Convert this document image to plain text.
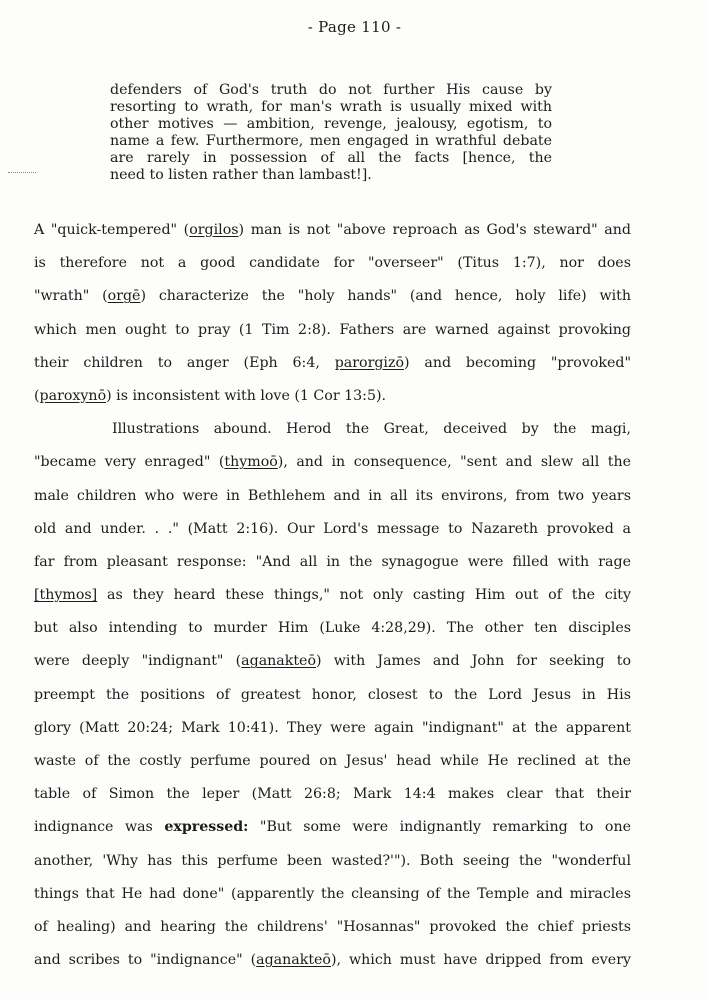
- Page 110 -
defenders of God's truth do not further His cause by
resorting to wrath, for man's wrath is usually mixed with
other motives — ambition, revenge, jealousy, egotism, to
name a few. Furthermore, men engaged in wrathful debate
are rarely in possession of all the facts [hence, the
need to listen rather than lambast!].
A "quick-tempered" (orgilos) man is not "above reproach as God's steward" and
is therefore not a good candidate for "overseer" (Titus 1:7), nor does
"wrath" (orgē) characterize the "holy hands" (and hence, holy life) with
which men ought to pray (1 Tim 2:8). Fathers are warned against provoking
their children to anger (Eph 6:4, parorgizō) and becoming "provoked"
(paroxynō) is inconsistent with love (1 Cor 13:5).
Illustrations abound. Herod the Great, deceived by the magi,
"became very enraged" (thymoō), and in consequence, "sent and slew all the
male children who were in Bethlehem and in all its environs, from two years
old and under. . ." (Matt 2:16). Our Lord's message to Nazareth provoked a
far from pleasant response: "And all in the synagogue were filled with rage
[thymos] as they heard these things," not only casting Him out of the city
but also intending to murder Him (Luke 4:28,29). The other ten disciples
were deeply "indignant" (aganakteō) with James and John for seeking to
preempt the positions of greatest honor, closest to the Lord Jesus in His
glory (Matt 20:24; Mark 10:41). They were again "indignant" at the apparent
waste of the costly perfume poured on Jesus' head while He reclined at the
table of Simon the leper (Matt 26:8; Mark 14:4 makes clear that their
indignance was expressed: "But some were indignantly remarking to one
another, 'Why has this perfume been wasted?'"). Both seeing the "wonderful
things that He had done" (apparently the cleansing of the Temple and miracles
of healing) and hearing the childrens' "Hosannas" provoked the chief priests
and scribes to "indignance" (aganakteō), which must have dripped from every
